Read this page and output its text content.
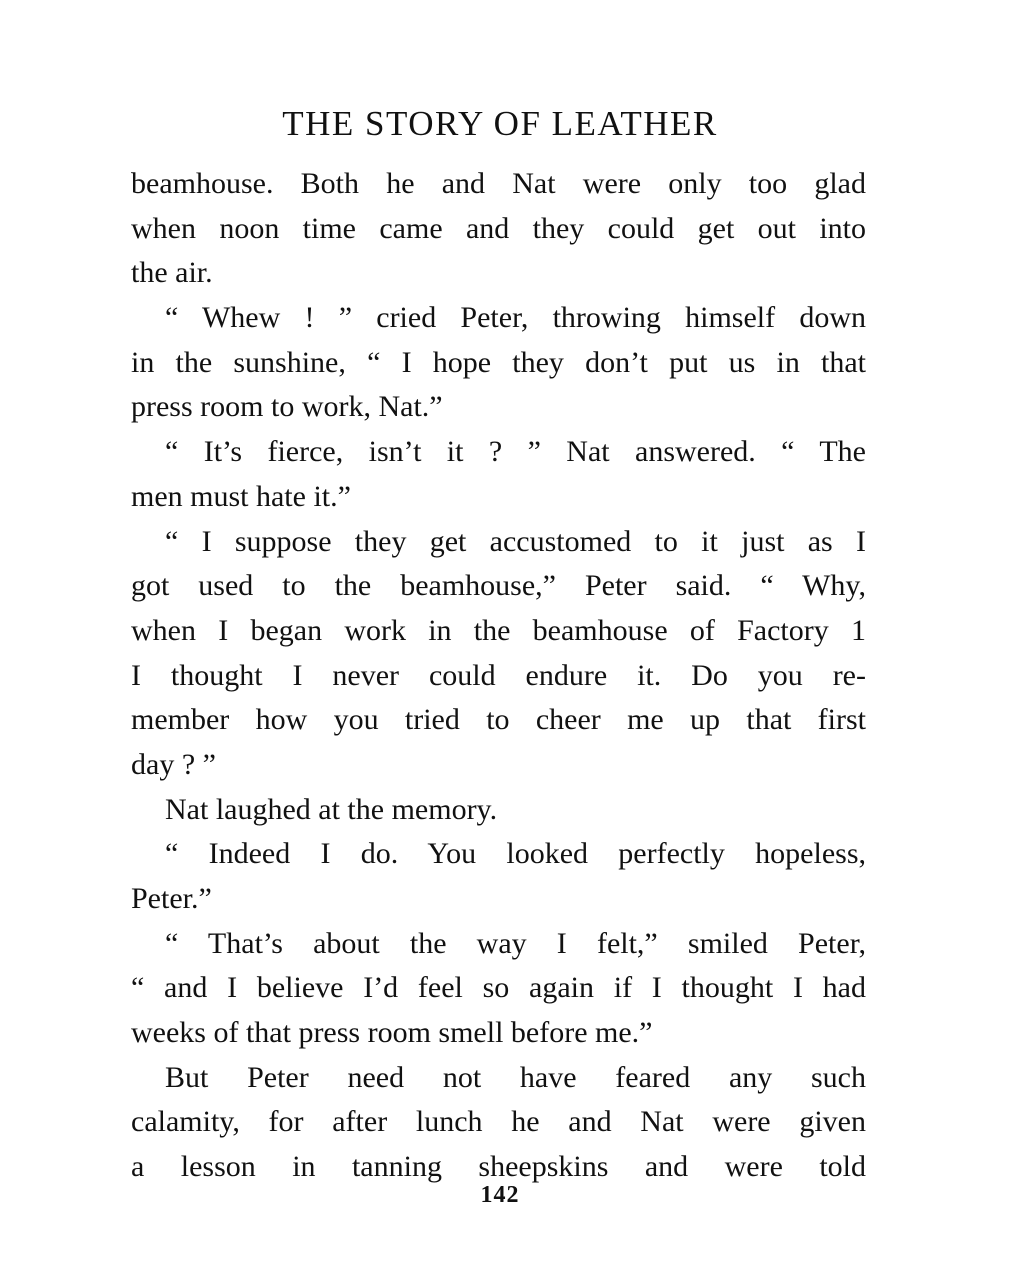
THE STORY OF LEATHER
beamhouse. Both he and Nat were only too glad
when noon time came and they could get out into
the air.
“ Whew ! ” cried Peter, throwing himself down
in the sunshine, “ I hope they don’t put us in that
press room to work, Nat.”
“ It’s fierce, isn’t it ? ” Nat answered. “ The
men must hate it.”
“ I suppose they get accustomed to it just as I
got used to the beamhouse,” Peter said. “ Why,
when I began work in the beamhouse of Factory 1
I thought I never could endure it. Do you re-
member how you tried to cheer me up that first
day ? ”
Nat laughed at the memory.
“ Indeed I do. You looked perfectly hopeless,
Peter.”
“ That’s about the way I felt,” smiled Peter,
“ and I believe I’d feel so again if I thought I had
weeks of that press room smell before me.”
But Peter need not have feared any such
calamity, for after lunch he and Nat were given
a lesson in tanning sheepskins and were told
142
